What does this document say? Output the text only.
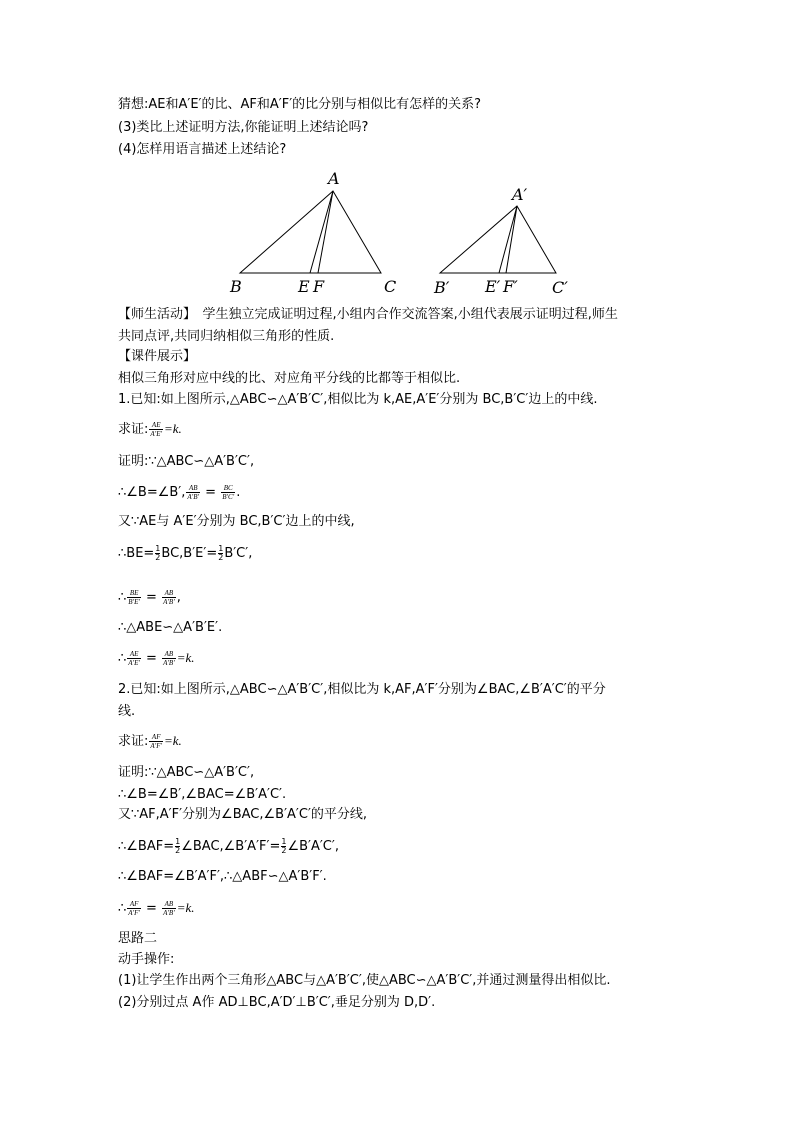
猜想:AE和A′E′的比、AF和A′F′的比分别与相似比有怎样的关系?
(3)类比上述证明方法,你能证明上述结论吗?
(4)怎样用语言描述上述结论?
A
B	C
E F
A′
B′	C′
E′ F′
【师生活动】　学生独立完成证明过程,小组内合作交流答案,小组代表展示证明过程,师生
共同点评,共同归纳相似三角形的性质.
【课件展示】
相似三角形对应中线的比、对应角平分线的比都等于相似比.
1.已知:如上图所示,△ABC∽△A′B′C′,相似比为 k,AE,A′E′分别为 BC,B′C′边上的中线.
求证: $\frac{AE}{A'E'} =k$.
证明:∵△ABC∽△A′B′C′,
∴∠B=∠B′, $\frac{AB}{A'B'} = \frac{BC}{B'C'}$ .
又∵AE与 A′E′分别为 BC,B′C′边上的中线,
∴BE= $\frac{1}{2} BC,B'E'= \frac{1}{2} B'C'$,
∴ $\frac{BE}{B'E'} = \frac{AB}{A'B'}$ ,
∴△ABE∽△A′B′E′.
∴ $\frac{AE}{A'E'} = \frac{AB}{A'B'} =k$.
2.已知:如上图所示,△ABC∽△A′B′C′,相似比为 k,AF,A′F′分别为∠BAC,∠B′A′C′的平分
线.
求证: $\frac{AF}{A'F'} =k$.
证明:∵△ABC∽△A′B′C′,
∴∠B=∠B′,∠BAC=∠B′A′C′.
又∵AF,A′F′分别为∠BAC,∠B′A′C′的平分线,
∴∠BAF= $\frac{1}{2}$ ∠BAC,∠B′A′F′= $\frac{1}{2}$ ∠B′A′C′,
∴∠BAF=∠B′A′F′,∴△ABF∽△A′B′F′.
∴ $\frac{AF}{A'F'} = \frac{AB}{A'B'} =k$.
思路二
动手操作:
(1)让学生作出两个三角形△ABC与△A′B′C′,使△ABC∽△A′B′C′,并通过测量得出相似比.
(2)分别过点 A作 AD⊥BC,A′D′⊥B′C′,垂足分别为 D,D′.
